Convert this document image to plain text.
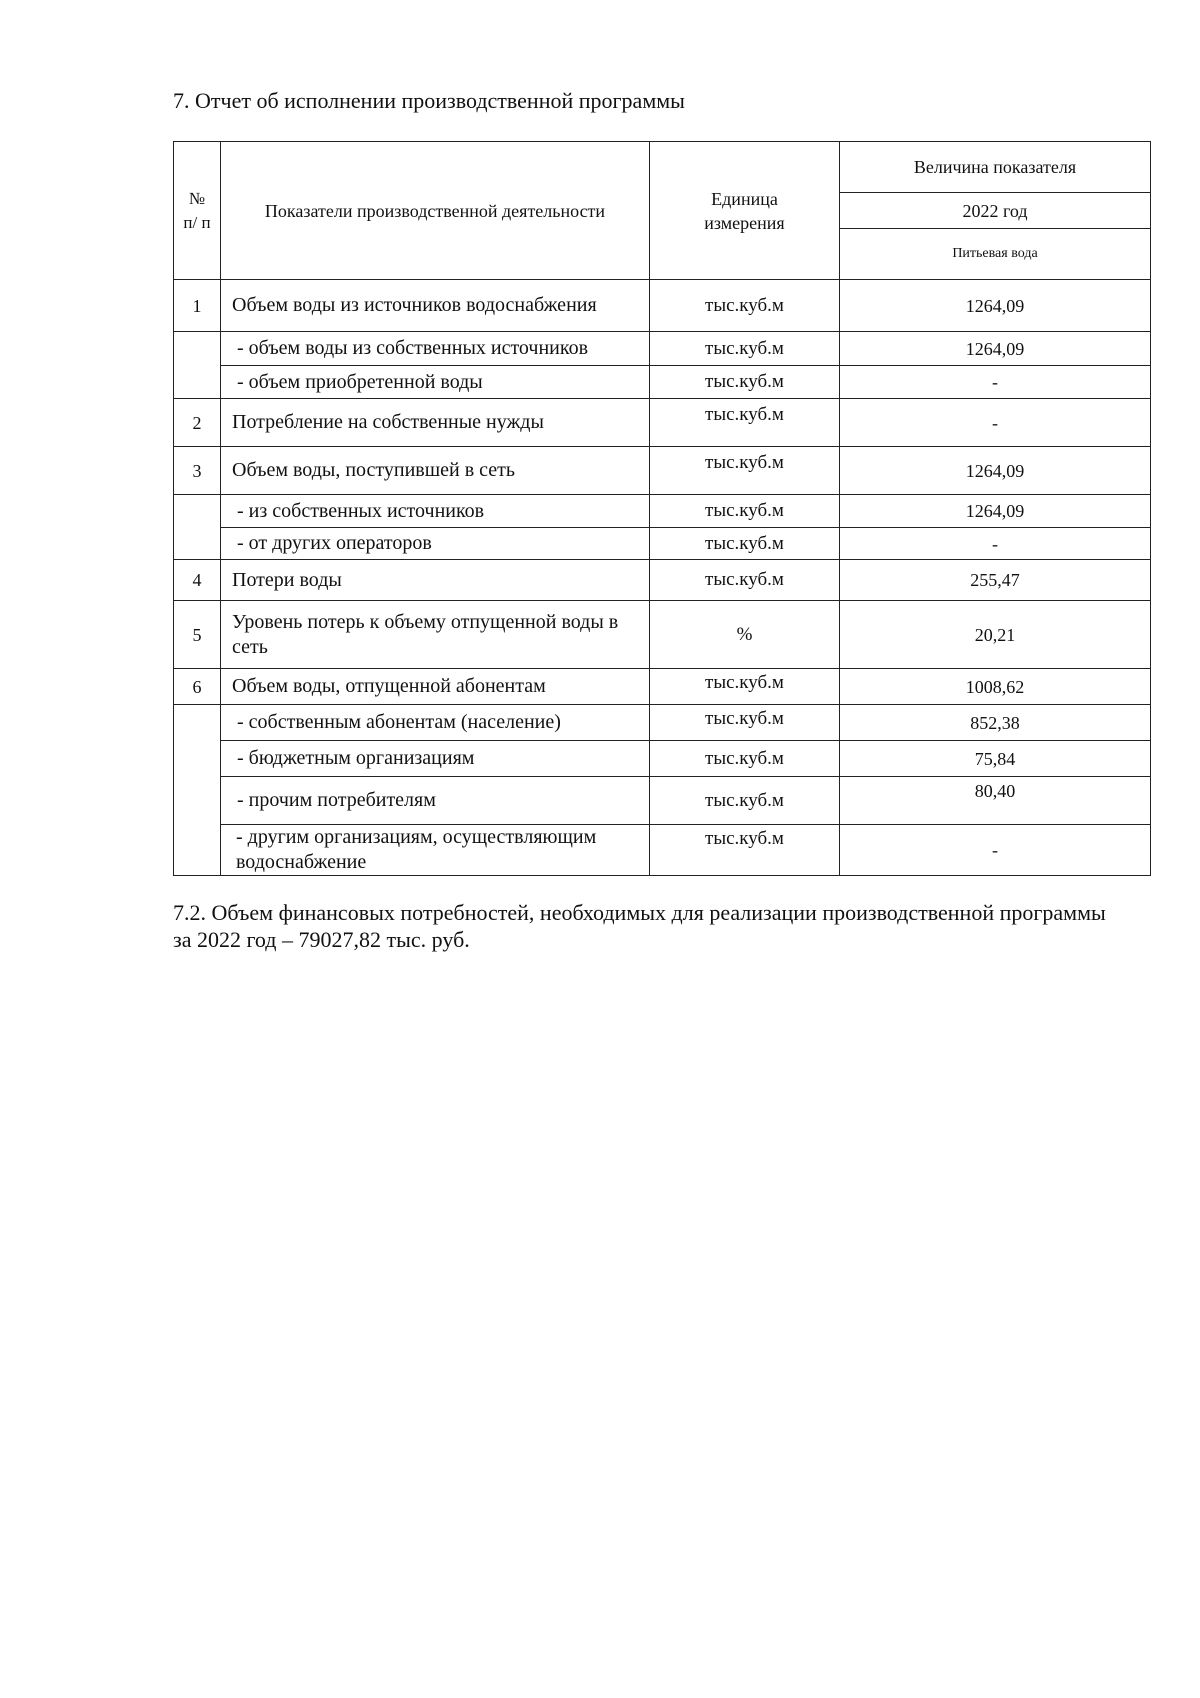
7. Отчет об исполнении производственной программы
№ п/ п	Показатели производственной деятельности	Единица измерения	Величина показателя
			2022 год
			Питьевая вода
1	Объем воды из источников водоснабжения	тыс.куб.м	1264,09
	- объем воды из собственных источников	тыс.куб.м	1264,09
	- объем приобретенной воды	тыс.куб.м	-
2	Потребление на собственные нужды	тыс.куб.м	-
3	Объем воды, поступившей в сеть	тыс.куб.м	1264,09
	- из собственных источников	тыс.куб.м	1264,09
	- от других операторов	тыс.куб.м	-
4	Потери воды	тыс.куб.м	255,47
5	Уровень потерь к объему отпущенной воды в сеть	%	20,21
6	Объем воды, отпущенной абонентам	тыс.куб.м	1008,62
	- собственным абонентам (население)	тыс.куб.м	852,38
	- бюджетным организациям	тыс.куб.м	75,84
	- прочим потребителям	тыс.куб.м	80,40
	- другим организациям, осуществляющим водоснабжение	тыс.куб.м	-
7.2. Объем финансовых потребностей, необходимых для реализации производственной программы за 2022 год – 79027,82 тыс. руб.
